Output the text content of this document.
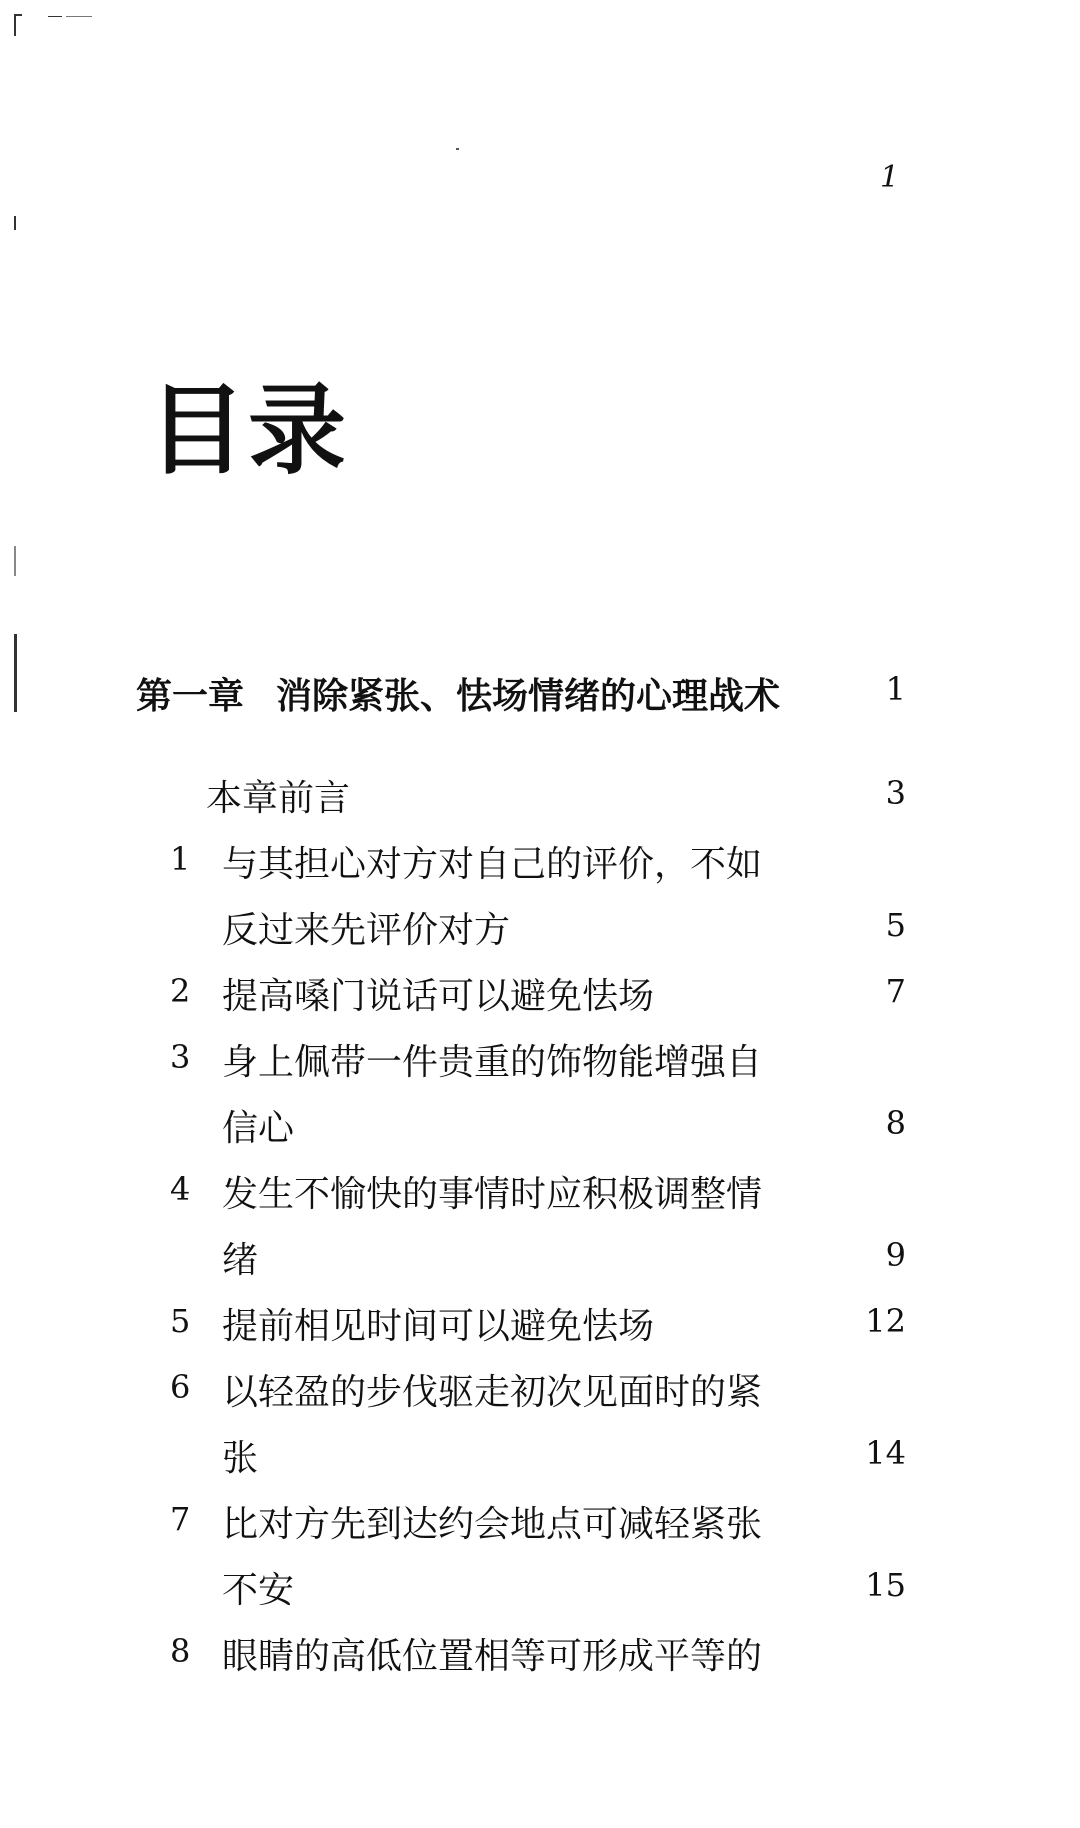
1
目录
第一章 消除紧张、怯场情绪的心理战术	1
本章前言	3
1 与其担心对方对自己的评价，不如
反过来先评价对方	5
2 提高嗓门说话可以避免怯场	7
3 身上佩带一件贵重的饰物能增强自
信心	8
4 发生不愉快的事情时应积极调整情
绪	9
5 提前相见时间可以避免怯场	12
6 以轻盈的步伐驱走初次见面时的紧
张	14
7 比对方先到达约会地点可减轻紧张
不安	15
8 眼睛的高低位置相等可形成平等的
